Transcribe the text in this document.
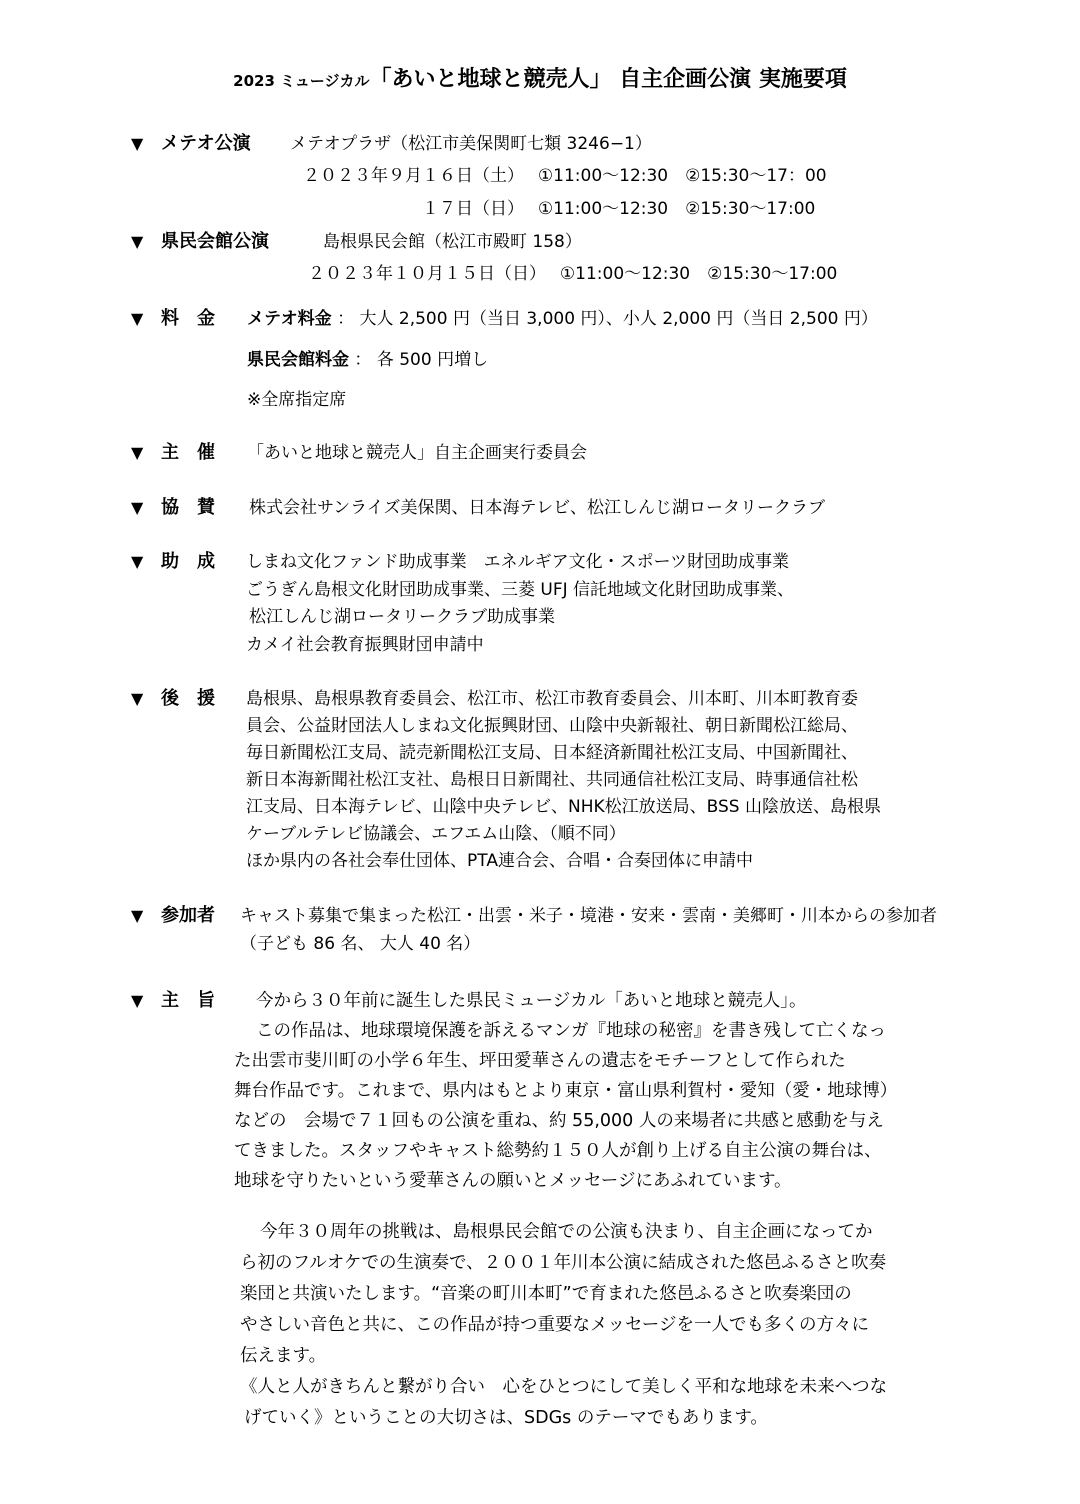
2023 ミュージカル「あいと地球と競売人」 自主企画公演 実施要項
▼ メテオ公演 メテオプラザ（松江市美保関町七類 3246−1）
２０２３年９月１６日（土）　 ①11:00～12:30　②15:30～17：00
１７日（日）　 ①11:00～12:30　②15:30～17:00
▼ 県民会館公演	島根県民会館（松江市殿町 158）
２０２３年１０月１５日（日）　 ①11:00～12:30　②15:30～17:00
▼ 料　金 メテオ料金 ： 大人 2,500 円（当日 3,000 円）、小人 2,000 円（当日 2,500 円）
県民会館料金 ： 各 500 円増し
※全席指定席
▼ 主　催 「あいと地球と競売人」自主企画実行委員会
▼ 協　賛 株式会社サンライズ美保関、日本海テレビ、松江しんじ湖ロータリークラブ
▼ 助　成 しまね文化ファンド助成事業　エネルギア文化・スポーツ財団助成事業
ごうぎん島根文化財団助成事業、三菱 UFJ 信託地域文化財団助成事業、
松江しんじ湖ロータリークラブ助成事業
カメイ社会教育振興財団申請中
▼ 後　援 島根県、島根県教育委員会、松江市、松江市教育委員会、川本町、川本町教育委
員会、公益財団法人しまね文化振興財団、山陰中央新報社、朝日新聞松江総局、
毎日新聞松江支局、読売新聞松江支局、日本経済新聞社松江支局、中国新聞社、
新日本海新聞社松江支社、島根日日新聞社、共同通信社松江支局、時事通信社松
江支局、日本海テレビ、山陰中央テレビ、NHK松江放送局、BSS 山陰放送、島根県
ケーブルテレビ協議会、エフエム山陰、（順不同）
ほか県内の各社会奉仕団体、PTA連合会、合唱・合奏団体に申請中
▼ 参加者 キャスト募集で集まった松江・出雲・米子・境港・安来・雲南・美郷町・川本からの参加者
（子ども 86 名、 大人 40 名）
▼ 主　旨 今から３０年前に誕生した県民ミュージカル「あいと地球と競売人」。
この作品は、地球環境保護を訴えるマンガ『地球の秘密』を書き残して亡くなっ
た出雲市斐川町の小学６年生、坪田愛華さんの遺志をモチーフとして作られた
舞台作品です。これまで、県内はもとより東京・富山県利賀村・愛知（愛・地球博）
などの　会場で７１回もの公演を重ね、約 55,000 人の来場者に共感と感動を与え
てきました。スタッフやキャスト総勢約１５０人が創り上げる自主公演の舞台は、
地球を守りたいという愛華さんの願いとメッセージにあふれています。
今年３０周年の挑戦は、島根県民会館での公演も決まり、自主企画になってか
ら初のフルオケでの生演奏で、２００１年川本公演に結成された悠邑ふるさと吹奏
楽団と共演いたします。“音楽の町川本町”で育まれた悠邑ふるさと吹奏楽団の
やさしい音色と共に、この作品が持つ重要なメッセージを一人でも多くの方々に
伝えます。
《人と人がきちんと繋がり合い　心をひとつにして美しく平和な地球を未来へつな
げていく》ということの大切さは、SDGs のテーマでもあります。
